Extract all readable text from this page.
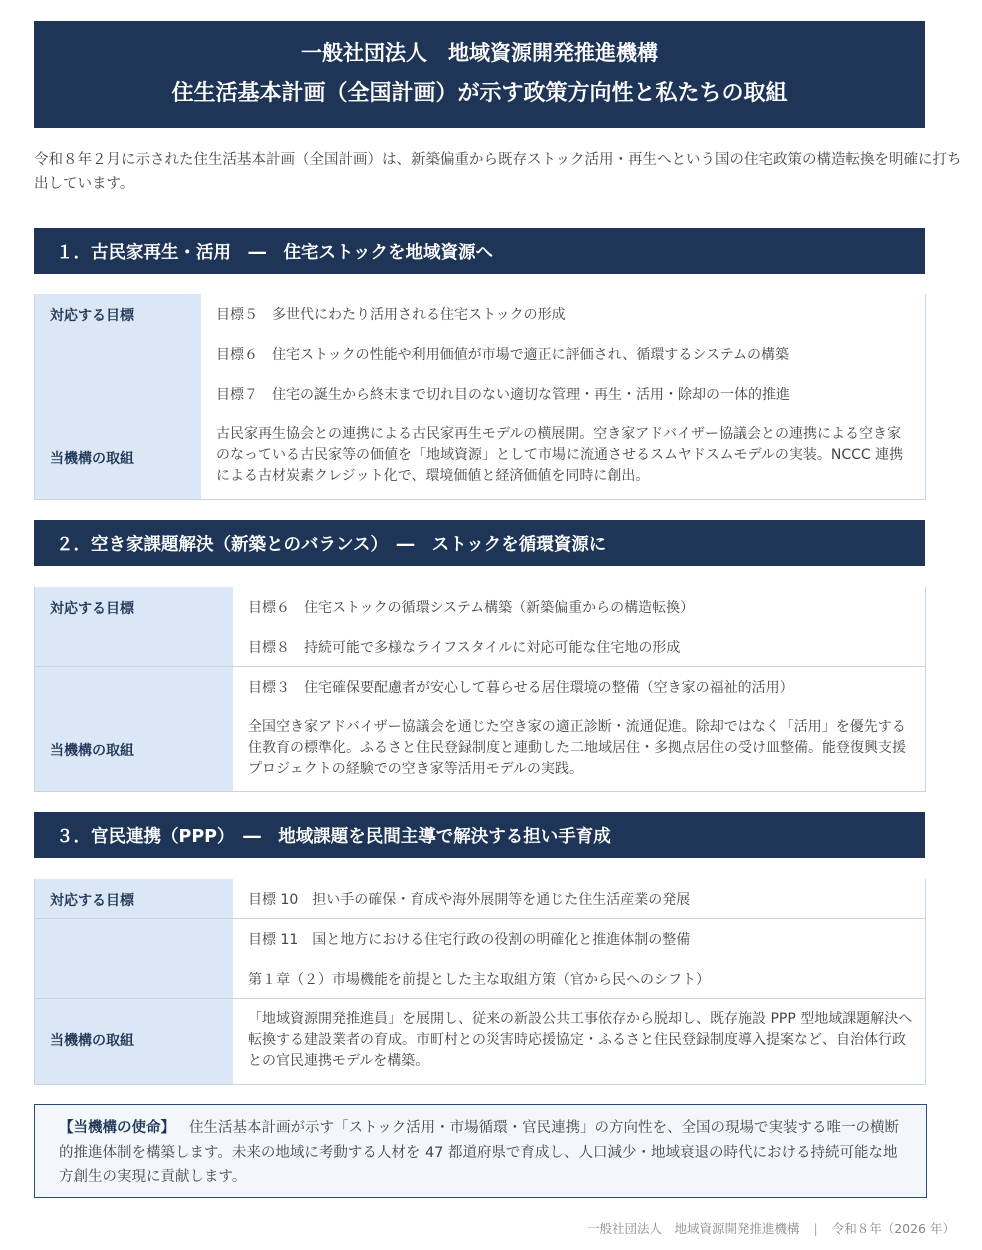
一般社団法人　地域資源開発推進機構
住生活基本計画（全国計画）が示す政策方向性と私たちの取組
令和８年２月に示された住生活基本計画（全国計画）は、新築偏重から既存ストック活用・再生へという国の住宅政策の構造転換を明確に打ち出しています。
１．古民家再生・活用　―　住宅ストックを地域資源へ
対応する目標
当機構の取組
目標５　多世代にわたり活用される住宅ストックの形成
目標６　住宅ストックの性能や利用価値が市場で適正に評価され、循環するシステムの構築
目標７　住宅の誕生から終末まで切れ目のない適切な管理・再生・活用・除却の一体的推進
古民家再生協会との連携による古民家再生モデルの横展開。空き家アドバイザー協議会との連携による空き家のなっている古民家等の価値を「地域資源」として市場に流通させるスムヤドスムモデルの実装。NCCC 連携による古材炭素クレジット化で、環境価値と経済価値を同時に創出。
２．空き家課題解決（新築とのバランス）　―　ストックを循環資源に
対応する目標
当機構の取組
目標６　住宅ストックの循環システム構築（新築偏重からの構造転換）
目標８　持続可能で多様なライフスタイルに対応可能な住宅地の形成
目標３　住宅確保要配慮者が安心して暮らせる居住環境の整備（空き家の福祉的活用）
全国空き家アドバイザー協議会を通じた空き家の適正診断・流通促進。除却ではなく「活用」を優先する住教育の標準化。ふるさと住民登録制度と連動した二地域居住・多拠点居住の受け皿整備。能登復興支援プロジェクトの経験での空き家等活用モデルの実践。
３．官民連携（PPP）　―　地域課題を民間主導で解決する担い手育成
対応する目標
当機構の取組
目標 10　担い手の確保・育成や海外展開等を通じた住生活産業の発展
目標 11　国と地方における住宅行政の役割の明確化と推進体制の整備
第１章（２）市場機能を前提とした主な取組方策（官から民へのシフト）
「地域資源開発推進員」を展開し、従来の新設公共工事依存から脱却し、既存施設 PPP 型地域課題解決へ転換する建設業者の育成。市町村との災害時応援協定・ふるさと住民登録制度導入提案など、自治体行政との官民連携モデルを構築。
【当機構の使命】 住生活基本計画が示す「ストック活用・市場循環・官民連携」の方向性を、全国の現場で実装する唯一の横断的推進体制を構築します。未来の地域に考動する人材を 47 都道府県で育成し、人口減少・地域衰退の時代における持続可能な地方創生の実現に貢献します。
一般社団法人　地域資源開発推進機構 | 令和８年（2026 年）
